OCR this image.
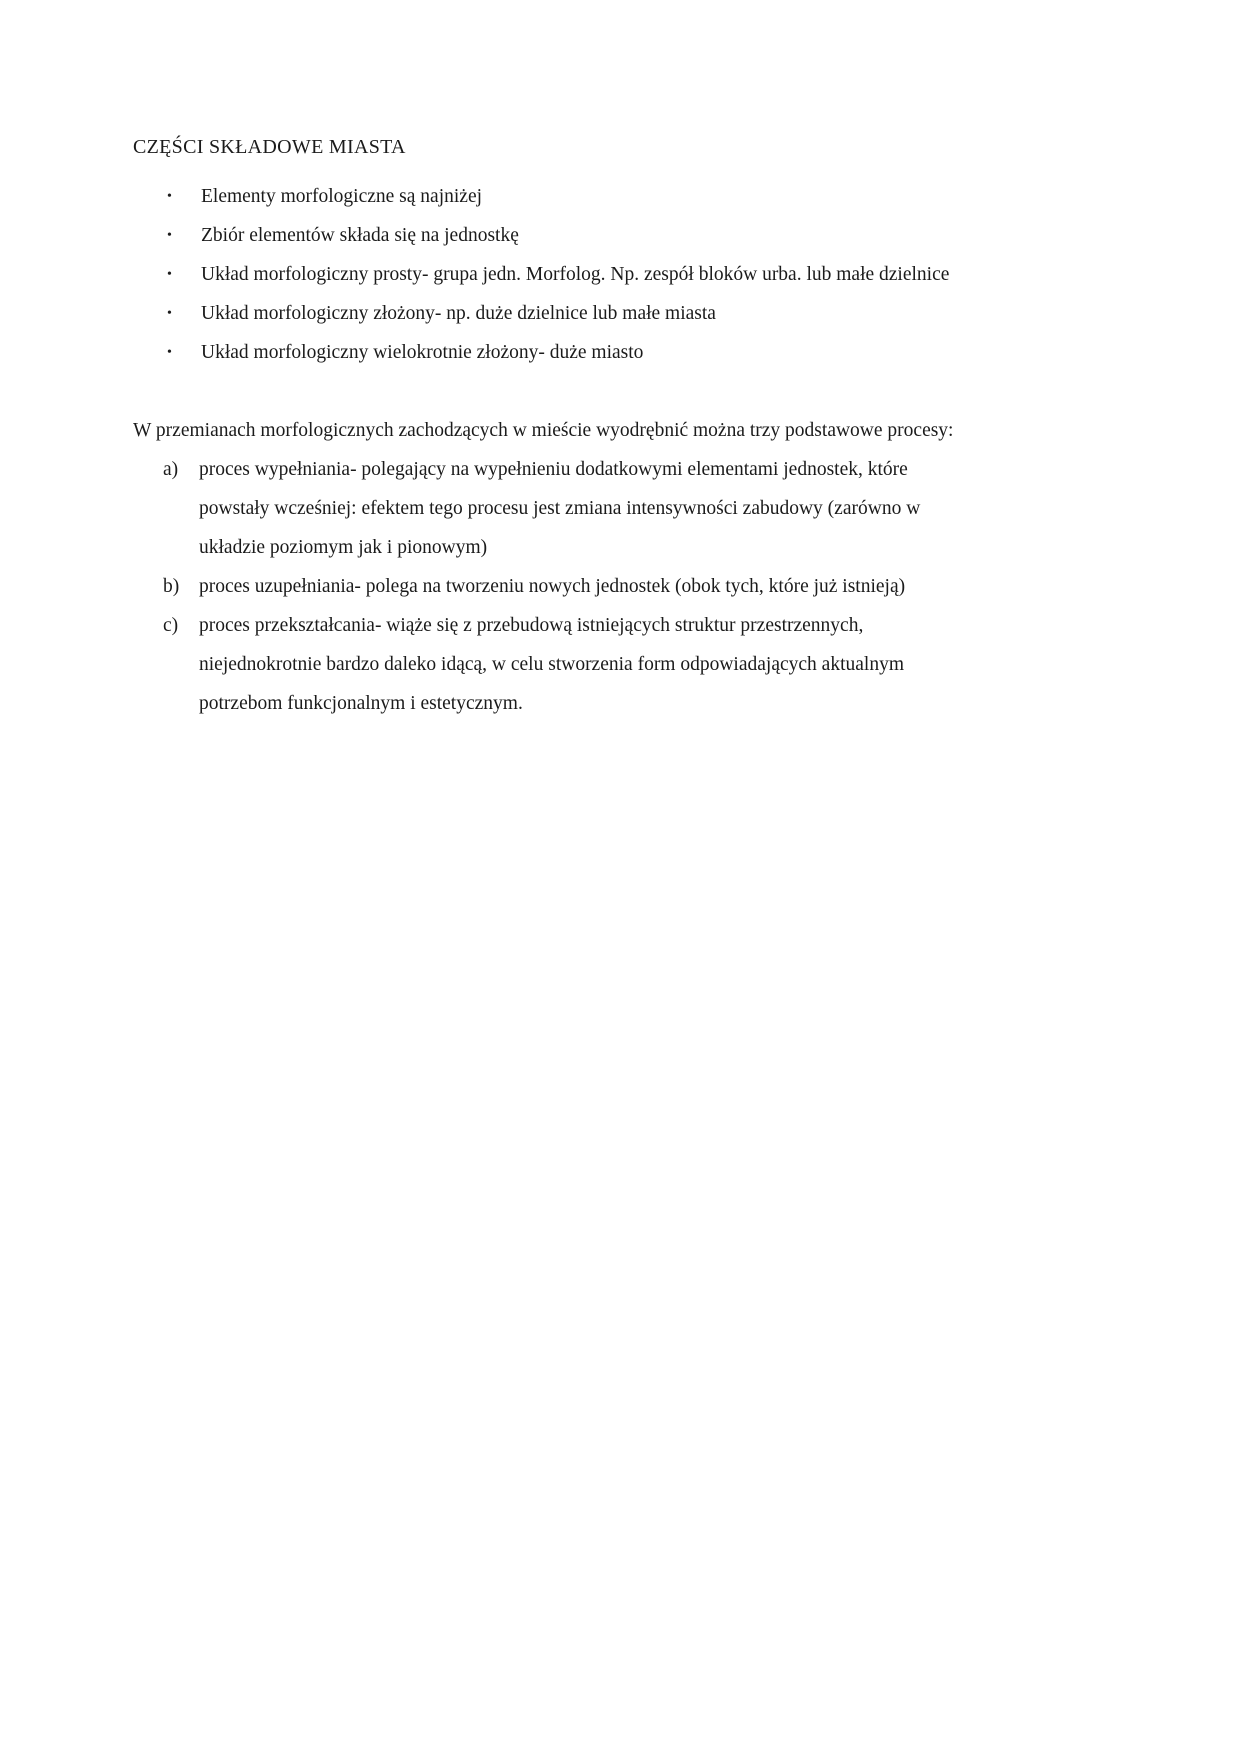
CZĘŚCI SKŁADOWE MIASTA
•	Elementy morfologiczne są najniżej
•	Zbiór elementów składa się na jednostkę
•	Układ morfologiczny prosty- grupa jedn. Morfolog. Np. zespół bloków urba. lub małe dzielnice
•	Układ morfologiczny złożony- np. duże dzielnice lub małe miasta
•	Układ morfologiczny wielokrotnie złożony- duże miasto

W przemianach morfologicznych zachodzących w mieście wyodrębnić można trzy podstawowe procesy:

a)	proces wypełniania- polegający na wypełnieniu dodatkowymi elementami jednostek, które powstały wcześniej: efektem tego procesu jest zmiana intensywności zabudowy (zarówno w układzie poziomym jak i pionowym)
b)	proces uzupełniania- polega na tworzeniu nowych jednostek (obok tych, które już istnieją)
c)	proces przekształcania- wiąże się z przebudową istniejących struktur przestrzennych, niejednokrotnie bardzo daleko idącą, w celu stworzenia form odpowiadających aktualnym potrzebom funkcjonalnym i estetycznym.
